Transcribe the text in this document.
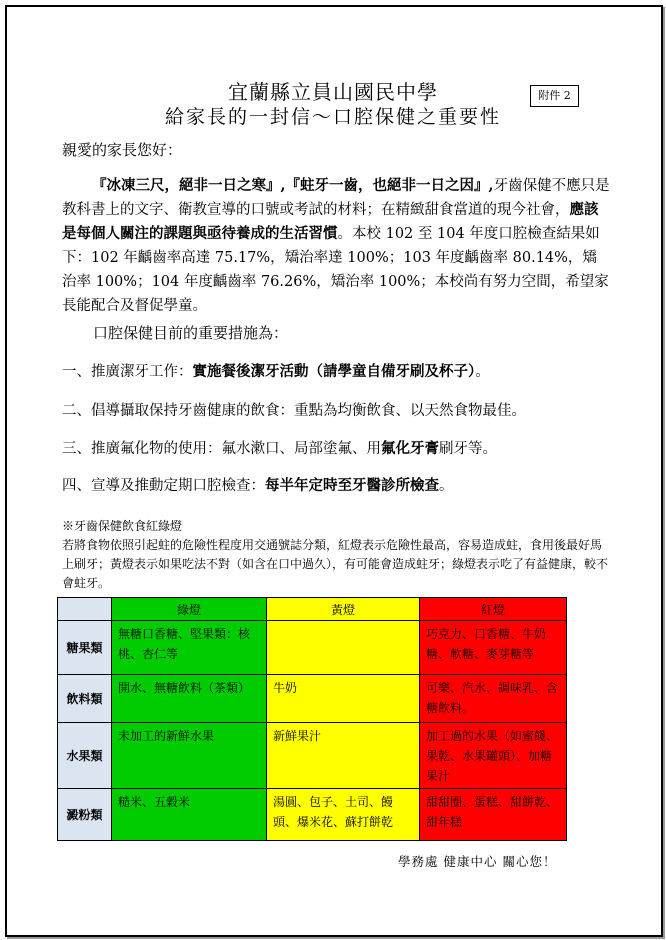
宜蘭縣立員山國民中學
給家長的一封信～口腔保健之重要性
附件 2
親愛的家長您好：

『冰凍三尺，絕非一日之寒』,『蛀牙一齒，也絕非一日之因』,牙齒保健不應只是教科書上的文字、衛教宣導的口號或考試的材料；在精緻甜食當道的現今社會，應該是每個人關注的課題與亟待養成的生活習慣。本校 102 至 104 年度口腔檢查結果如下：102 年齲齒率高達 75.17%，矯治率達 100%；103 年度齲齒率 80.14%，矯治率 100%；104 年度齲齒率 76.26%，矯治率 100%；本校尚有努力空間，希望家長能配合及督促學童。

口腔保健目前的重要措施為：
一、推廣潔牙工作：實施餐後潔牙活動（請學童自備牙刷及杯子）。
二、倡導攝取保持牙齒健康的飲食：重點為均衡飲食、以天然食物最佳。
三、推廣氟化物的使用：氟水漱口、局部塗氟、用氟化牙膏刷牙等。
四、宣導及推動定期口腔檢查：每半年定時至牙醫診所檢查。
※牙齒保健飲食紅綠燈

若將食物依照引起蛀的危險性程度用交通號誌分類，紅燈表示危險性最高，容易造成蛀，食用後最好馬上刷牙；黃燈表示如果吃法不對（如含在口中過久），有可能會造成蛀牙；綠燈表示吃了有益健康，較不會蛀牙。

	綠燈	黃燈	紅燈
糖果類	無糖口香糖、堅果類：核桃、杏仁等		巧克力、口香糖、牛奶糖、軟糖、麥芽糖等
飲料類	開水、無糖飲料（茶類）	牛奶	可樂、汽水、調味乳、含糖飲料。
水果類	未加工的新鮮水果	新鮮果汁	加工過的水果（如蜜餞、果乾、水果罐頭）、加糖果汁
澱粉類	糙米、五穀米	湯圓、包子、土司、饅頭、爆米花、蘇打餅乾	甜甜圈、蛋糕、甜餅乾、甜年糕
學務處 健康中心 關心您！
